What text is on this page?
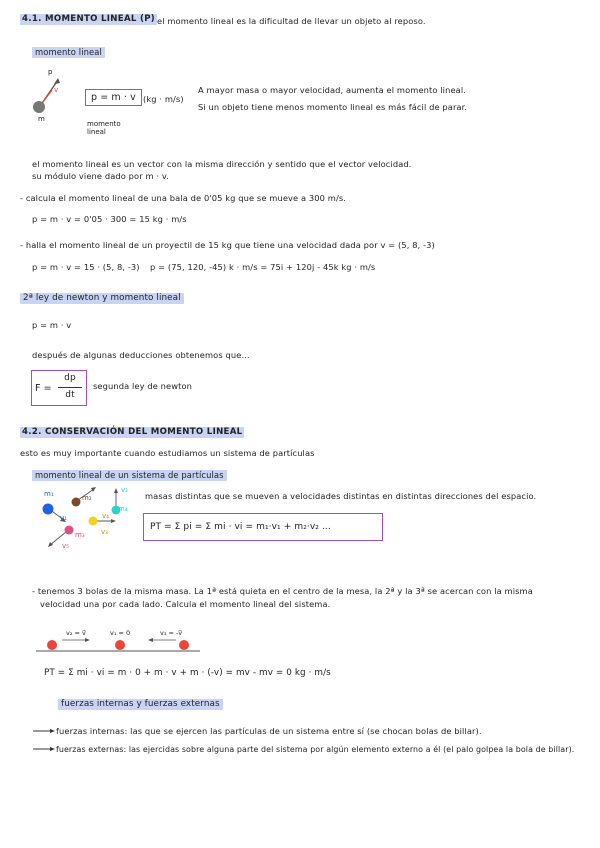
4.1. MOMENTO LINEAL (P) el momento lineal es la dificultad de llevar un objeto al reposo.
momento lineal
p
v
m
p = m · v (kg · m/s)
momento
lineal
A mayor masa o mayor velocidad, aumenta el momento lineal.
Si un objeto tiene menos momento lineal es más fácil de parar.
el momento lineal es un vector con la misma dirección y sentido que el vector velocidad.
su módulo viene dado por m · v.
- calcula el momento lineal de una bala de 0'05 kg que se mueve a 300 m/s.
p = m · v = 0'05 · 300 = 15 kg · m/s
- halla el momento lineal de un proyectil de 15 kg que tiene una velocidad dada por v = (5, 8, -3)
p = m · v = 15 · (5, 8, -3) p = (75, 120, -45) k · m/s = 75i + 120j - 45k kg · m/s
2ª ley de newton y momento lineal
p = m · v
después de algunas deducciones obtenemos que...
F =
dp
dt
segunda ley de newton
4.2. CONSERVACIÓN DEL MOMENTO LINEAL
esto es muy importante cuando estudiamos un sistema de partículas
momento lineal de un sistema de partículas
m₁	m₂
v₂
m₄
v₁	v₄
v₃
m₃
v₅
masas distintas que se mueven a velocidades distintas en distintas direcciones del espacio.
PT = Σ pi = Σ mi · vi = m₁·v₁ + m₂·v₂ ...
- tenemos 3 bolas de la misma masa. La 1ª está quieta en el centro de la mesa, la 2ª y la 3ª se acercan con la misma
velocidad una por cada lado. Calcula el momento lineal del sistema.
v₂ = v⃗	v₁ = 0	v₃ = -v⃗
PT = Σ mi · vi = m · 0 + m · v + m · (-v) = mv - mv = 0 kg · m/s
fuerzas internas y fuerzas externas
fuerzas internas: las que se ejercen las partículas de un sistema entre sí (se chocan bolas de billar).
fuerzas externas: las ejercidas sobre alguna parte del sistema por algún elemento externo a él (el palo golpea la bola de billar).
